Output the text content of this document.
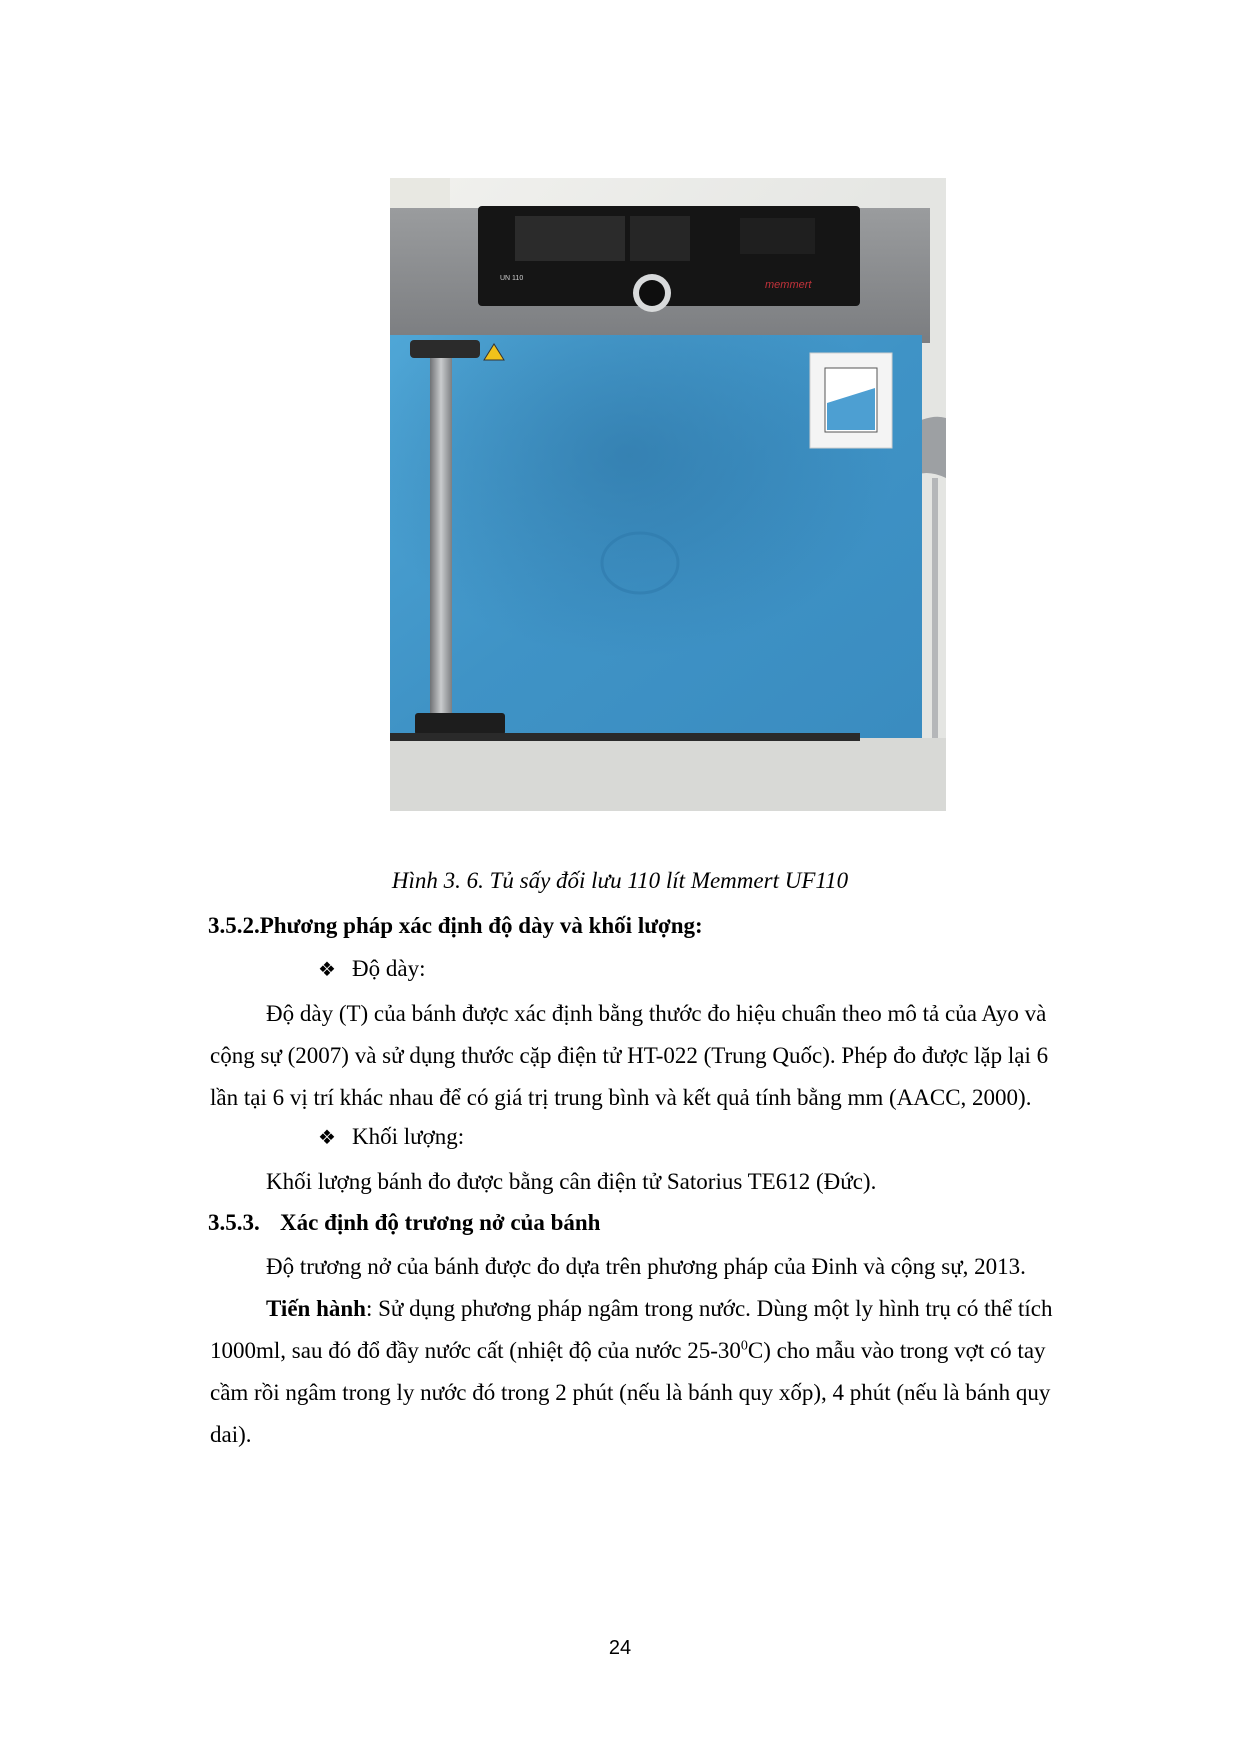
UN 110
memmert
Hình 3. 6. Tủ sấy đối lưu 110 lít Memmert UF110
3.5.2.Phương pháp xác định độ dày và khối lượng:
❖ Độ dày:
Độ dày (T) của bánh được xác định bằng thước đo hiệu chuẩn theo mô tả của Ayo và
cộng sự (2007) và sử dụng thước cặp điện tử HT-022 (Trung Quốc). Phép đo được lặp lại 6
lần tại 6 vị trí khác nhau để có giá trị trung bình và kết quả tính bằng mm (AACC, 2000).
❖ Khối lượng:
Khối lượng bánh đo được bằng cân điện tử Satorius TE612 (Đức).
3.5.3. Xác định độ trương nở của bánh
Độ trương nở của bánh được đo dựa trên phương pháp của Đinh và cộng sự, 2013.
Tiến hành: Sử dụng phương pháp ngâm trong nước. Dùng một ly hình trụ có thể tích
1000ml, sau đó đổ đầy nước cất (nhiệt độ của nước $25-30^0C$) cho mẫu vào trong vợt có tay
cầm rồi ngâm trong ly nước đó trong 2 phút (nếu là bánh quy xốp), 4 phút (nếu là bánh quy
dai).
24
